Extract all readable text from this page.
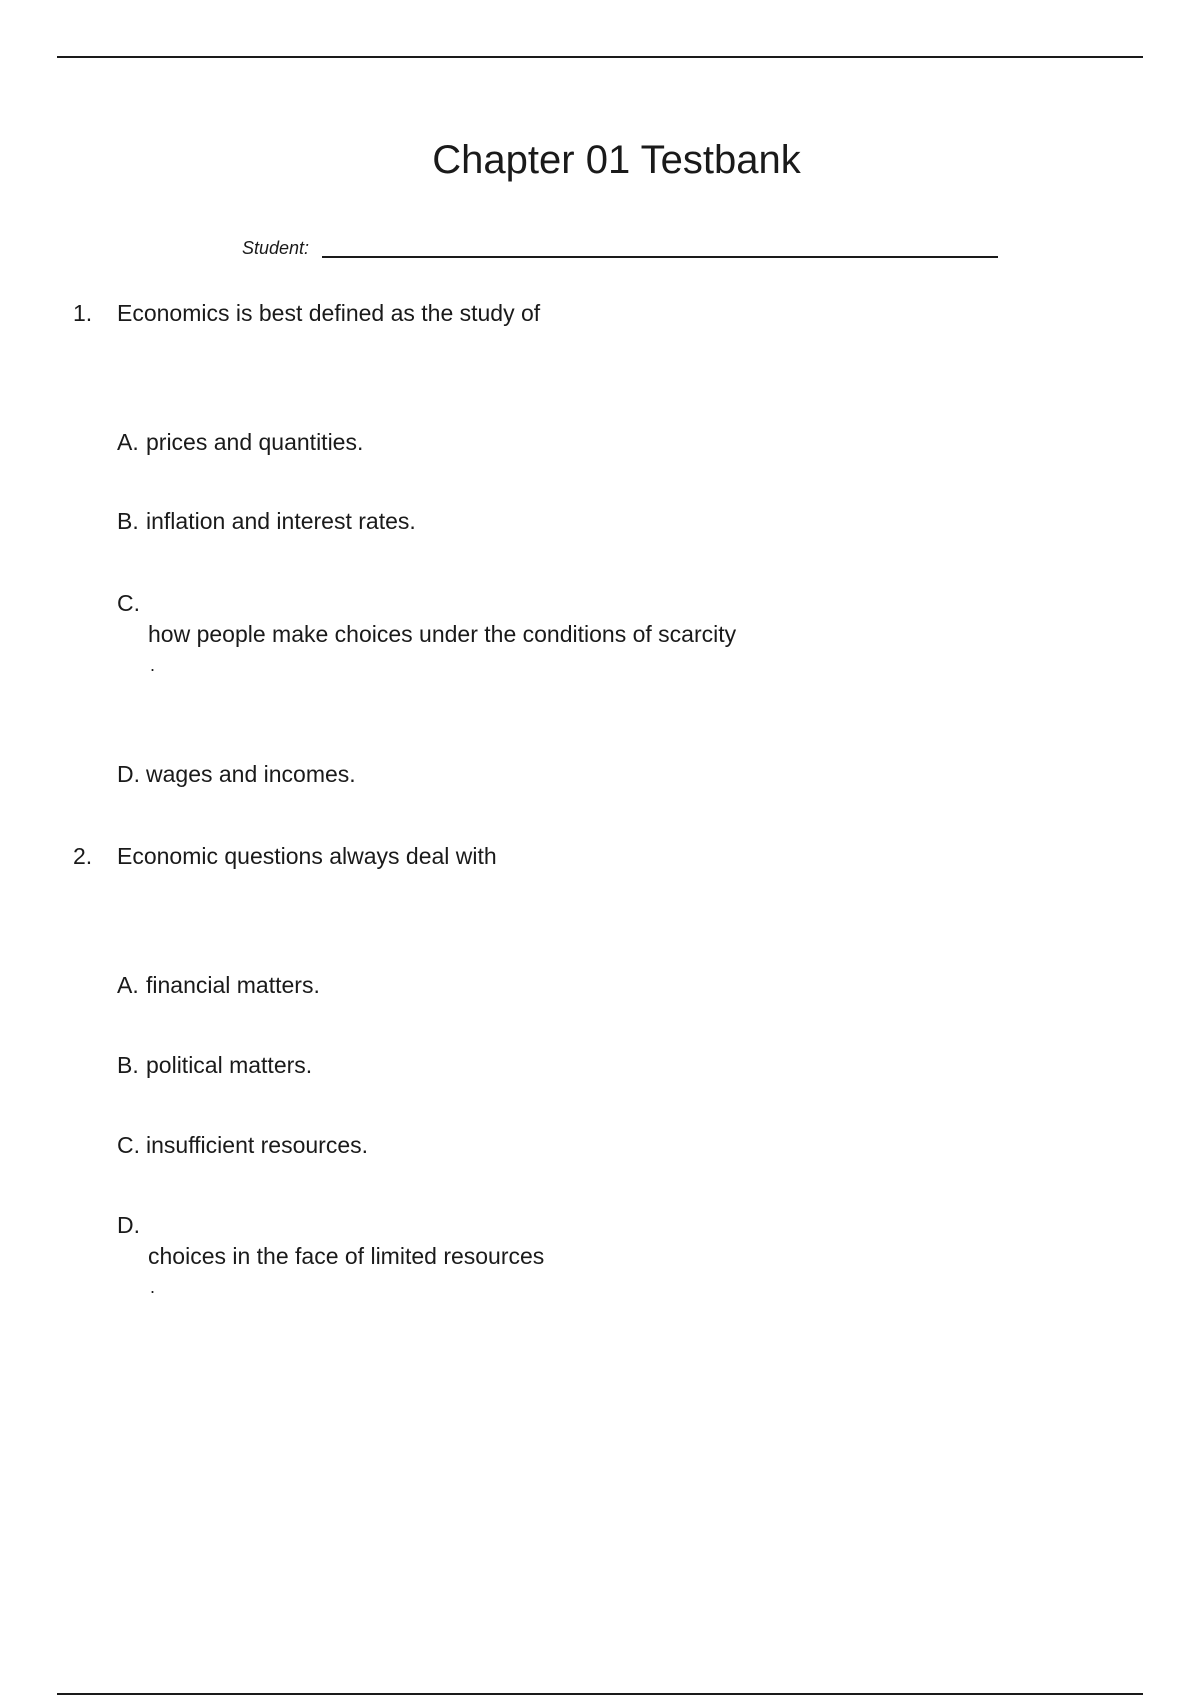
Chapter 01 Testbank
Student:
1. Economics is best defined as the study of
A. prices and quantities.
B. inflation and interest rates.
C.
how people make choices under the conditions of scarcity
.
D. wages and incomes.
2. Economic questions always deal with
A. financial matters.
B. political matters.
C. insufficient resources.
D.
choices in the face of limited resources
.
